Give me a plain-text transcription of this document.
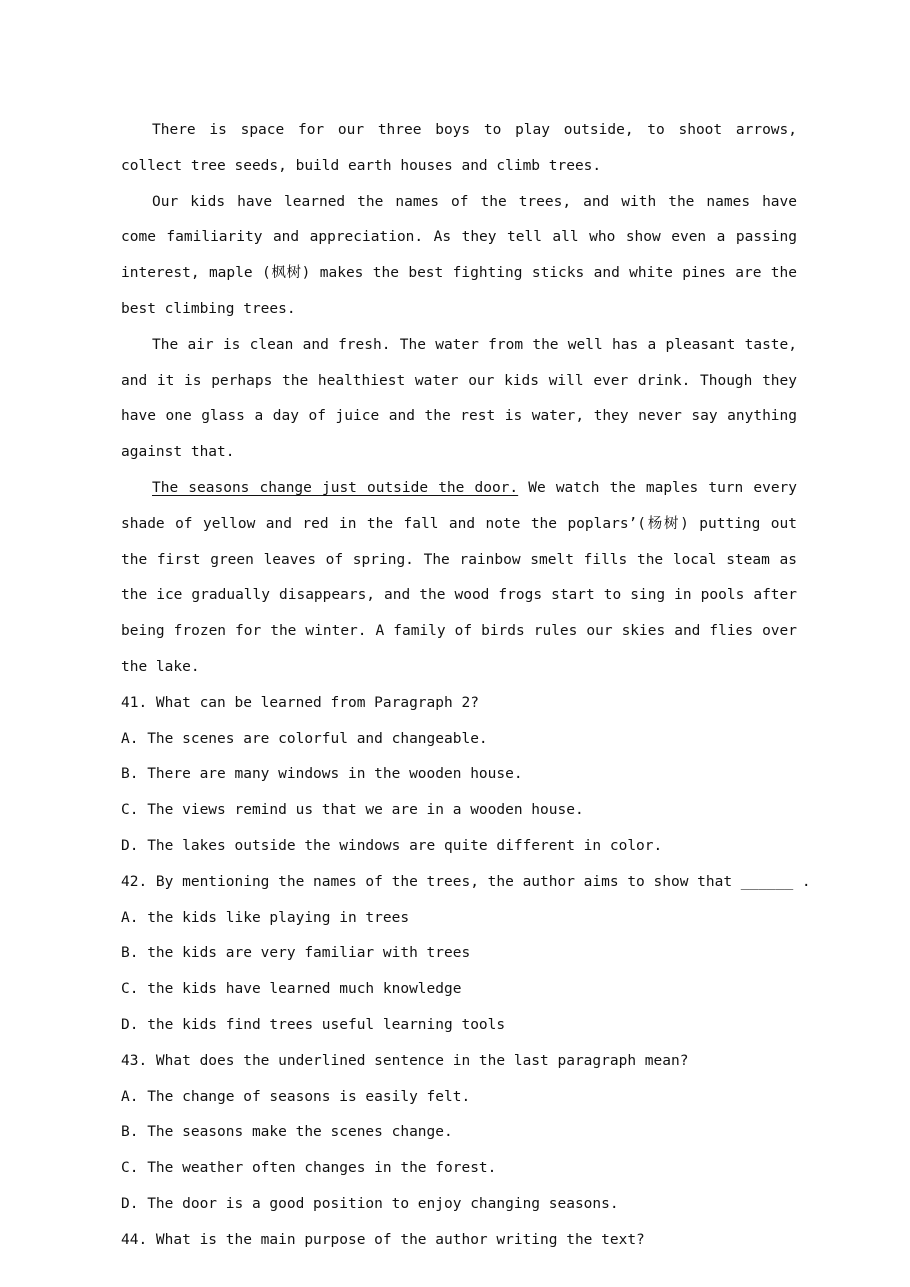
There is space for our three boys to play outside, to shoot arrows, collect tree seeds, build earth houses and climb trees.

Our kids have learned the names of the trees, and with the names have come familiarity and appreciation. As they tell all who show even a passing interest, maple (枫树) makes the best fighting sticks and white pines are the best climbing trees.

The air is clean and fresh. The water from the well has a pleasant taste, and it is perhaps the healthiest water our kids will ever drink. Though they have one glass a day of juice and the rest is water, they never say anything against that.

The seasons change just outside the door. We watch the maples turn every shade of yellow and red in the fall and note the poplars’(杨树) putting out the first green leaves of spring. The rainbow smelt fills the local steam as the ice gradually disappears, and the wood frogs start to sing in pools after being frozen for the winter. A family of birds rules our skies and flies over the lake.

41. What can be learned from Paragraph 2?

A. The scenes are colorful and changeable.

B. There are many windows in the wooden house.

C. The views remind us that we are in a wooden house.

D. The lakes outside the windows are quite different in color.

42. By mentioning the names of the trees, the author aims to show that ______ .

A. the kids like playing in trees

B. the kids are very familiar with trees

C. the kids have learned much knowledge

D. the kids find trees useful learning tools

43. What does the underlined sentence in the last paragraph mean?

A. The change of seasons is easily felt.

B. The seasons make the scenes change.

C. The weather often changes in the forest.

D. The door is a good position to enjoy changing seasons.

44. What is the main purpose of the author writing the text?
